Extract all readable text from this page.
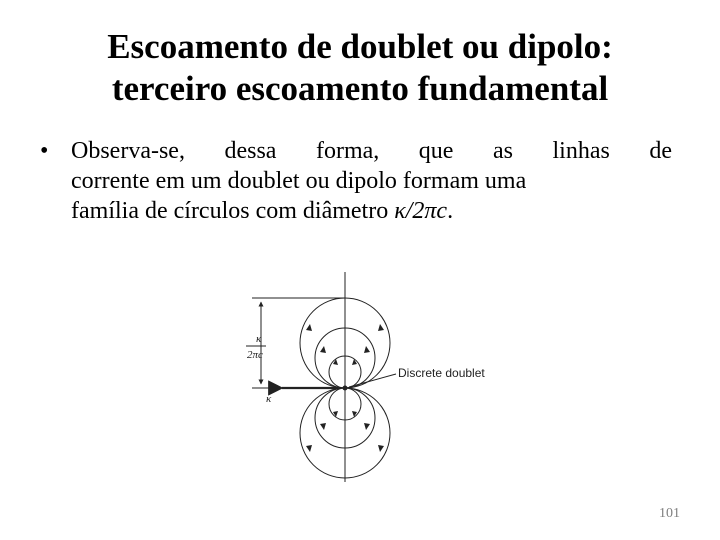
Escoamento de doublet ou dipolo:
terceiro escoamento fundamental
• Observa-se, dessa forma, que as linhas de
corrente em um doublet ou dipolo formam uma
família de círculos com diâmetro κ/2πc.
κ
2πc
κ
Discrete doublet
101
